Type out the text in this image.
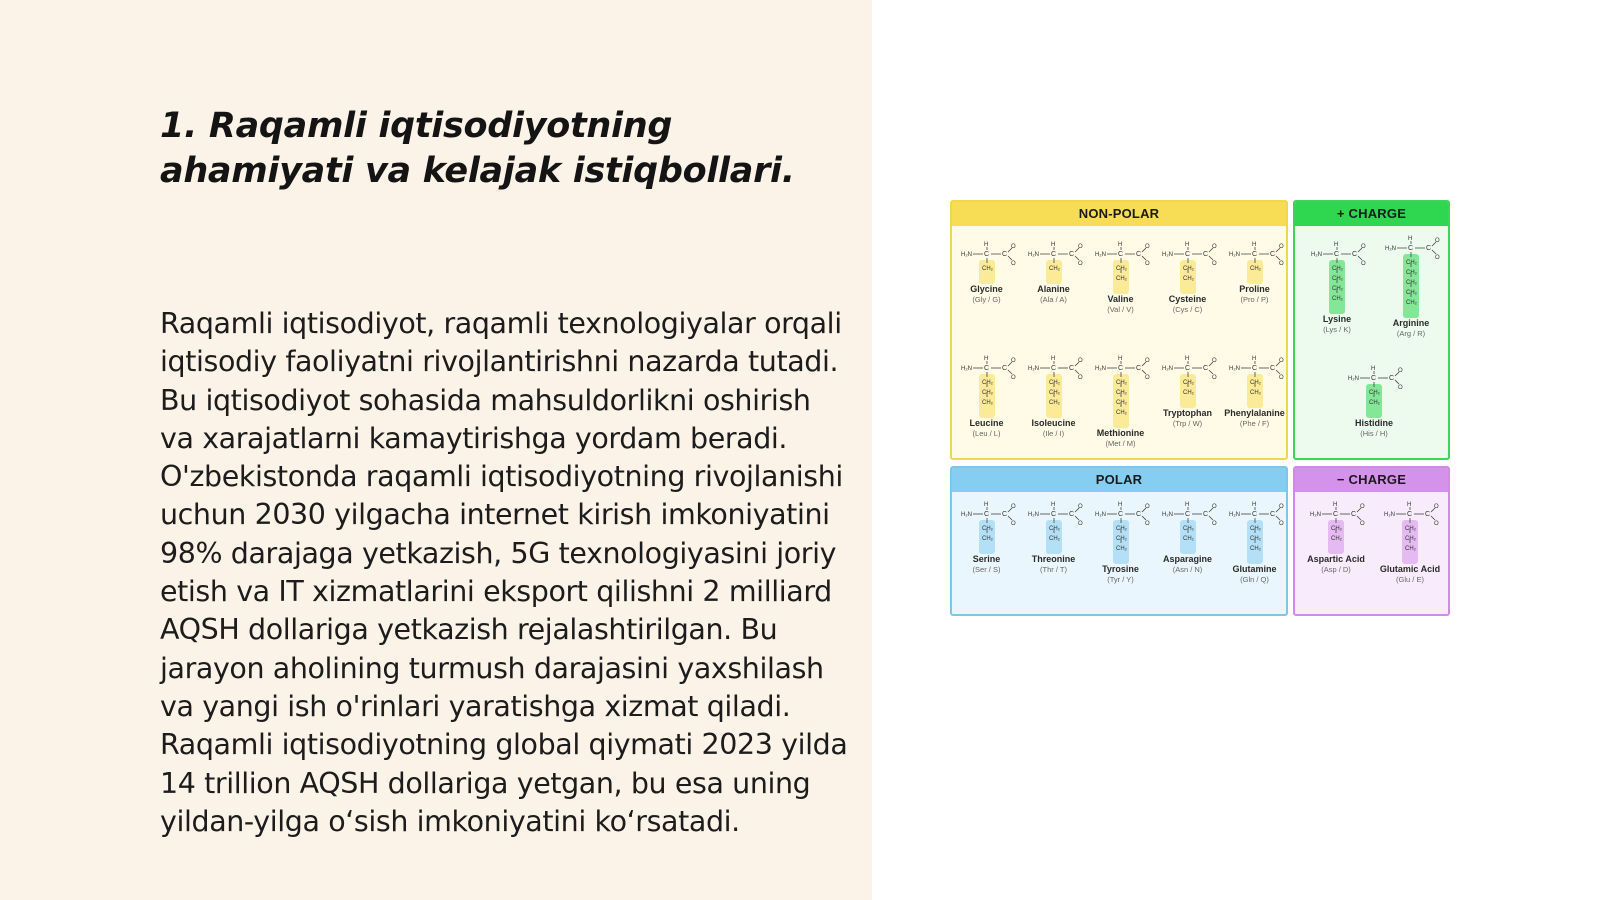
1. Raqamli iqtisodiyotning ahamiyati va kelajak istiqbollari.

Raqamli iqtisodiyot, raqamli texnologiyalar orqali iqtisodiy faoliyatni rivojlantirishni nazarda tutadi. Bu iqtisodiyot sohasida mahsuldorlikni oshirish va xarajatlarni kamaytirishga yordam beradi. O'zbekistonda raqamli iqtisodiyotning rivojlanishi uchun 2030 yilgacha internet kirish imkoniyatini 98% darajaga yetkazish, 5G texnologiyasini joriy etish va IT xizmatlarini eksport qilishni 2 milliard AQSH dollariga yetkazish rejalashtirilgan. Bu jarayon aholining turmush darajasini yaxshilash va yangi ish o'rinlari yaratishga xizmat qiladi. Raqamli iqtisodiyotning global qiymati 2023 yilda 14 trillion AQSH dollariga yetgan, bu esa uning yildan-yilga o‘sish imkoniyatini ko‘rsatadi.

NON-POLAR
H₂N C
H
C
O
O
CH₂
Glycine
(Gly / G)
H₂N C
H
C
O
O
CH₂
Alanine
(Ala / A)
H₂N C
H
C
O
O
CH₂
CH₂
Valine
(Val / V)
H₂N C
H
C
O
O
CH₂
CH₂
Cysteine
(Cys / C)
H₂N C
H
C
O
O
CH₂
Proline
(Pro / P)
H₂N C
H
C
O
O
CH₂
CH₂
CH₂
Leucine
(Leu / L)
H₂N C
H
C
O
O
CH₂
CH₂
CH₂
Isoleucine
(Ile / I)
H₂N C
H
C
O
O
CH₂
CH₂
CH₂
CH₂
Methionine
(Met / M)
H₂N C
H
C
O
O
CH₂
CH₂
Tryptophan
(Trp / W)
H₂N C
H
C
O
O
CH₂
CH₂
Phenylalanine
(Phe / F)
+ CHARGE
H₂N C
H
C
O
O
CH₂
CH₂
CH₂
CH₂
Lysine
(Lys / K)
H₂N C
H
C
O
O
CH₂
CH₂
CH₂
CH₂
CH₂
Arginine
(Arg / R)
H₂N C
H
C
O
O
CH₂
CH₂
Histidine
(His / H)
POLAR
H₂N C
H
C
O
O
CH₂
CH₂
Serine
(Ser / S)
H₂N C
H
C
O
O
CH₂
CH₂
Threonine
(Thr / T)
H₂N C
H
C
O
O
CH₂
CH₂
CH₂
Tyrosine
(Tyr / Y)
H₂N C
H
C
O
O
CH₂
CH₂
Asparagine
(Asn / N)
H₂N C
H
C
O
O
CH₂
CH₂
CH₂
Glutamine
(Gln / Q)
− CHARGE
H₂N C
H
C
O
O
CH₂
CH₂
Aspartic Acid
(Asp / D)
H₂N C
H
C
O
O
CH₂
CH₂
CH₂
Glutamic Acid
(Glu / E)
